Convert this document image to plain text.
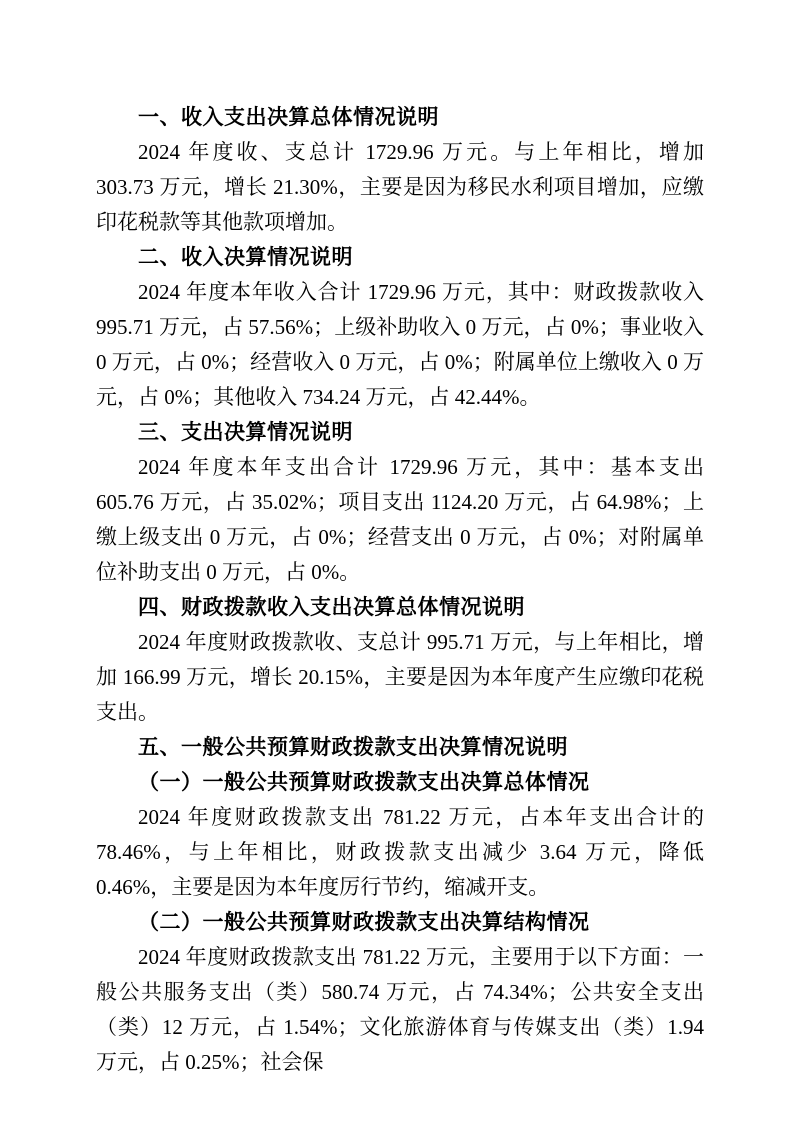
一、收入支出决算总体情况说明

2024 年度收、支总计 1729.96 万元。与上年相比，增加 303.73 万元，增长 21.30%，主要是因为移民水利项目增加，应缴印花税款等其他款项增加。

二、收入决算情况说明

2024 年度本年收入合计 1729.96 万元，其中：财政拨款收入 995.71 万元，占 57.56%；上级补助收入 0 万元，占 0%；事业收入 0 万元，占 0%；经营收入 0 万元，占 0%；附属单位上缴收入 0 万元，占 0%；其他收入 734.24 万元，占 42.44%。

三、支出决算情况说明

2024 年度本年支出合计 1729.96 万元，其中：基本支出 605.76 万元，占 35.02%；项目支出 1124.20 万元，占 64.98%；上缴上级支出 0 万元，占 0%；经营支出 0 万元，占 0%；对附属单位补助支出 0 万元，占 0%。

四、财政拨款收入支出决算总体情况说明

2024 年度财政拨款收、支总计 995.71 万元，与上年相比，增加 166.99 万元，增长 20.15%，主要是因为本年度产生应缴印花税支出。

五、一般公共预算财政拨款支出决算情况说明
（一）一般公共预算财政拨款支出决算总体情况

2024 年度财政拨款支出 781.22 万元，占本年支出合计的 78.46%，与上年相比，财政拨款支出减少 3.64 万元，降低 0.46%，主要是因为本年度厉行节约，缩减开支。

（二）一般公共预算财政拨款支出决算结构情况

2024 年度财政拨款支出 781.22 万元，主要用于以下方面：一般公共服务支出（类）580.74 万元，占 74.34%；公共安全支出（类）12 万元，占 1.54%；文化旅游体育与传媒支出（类）1.94 万元，占 0.25%；社会保
